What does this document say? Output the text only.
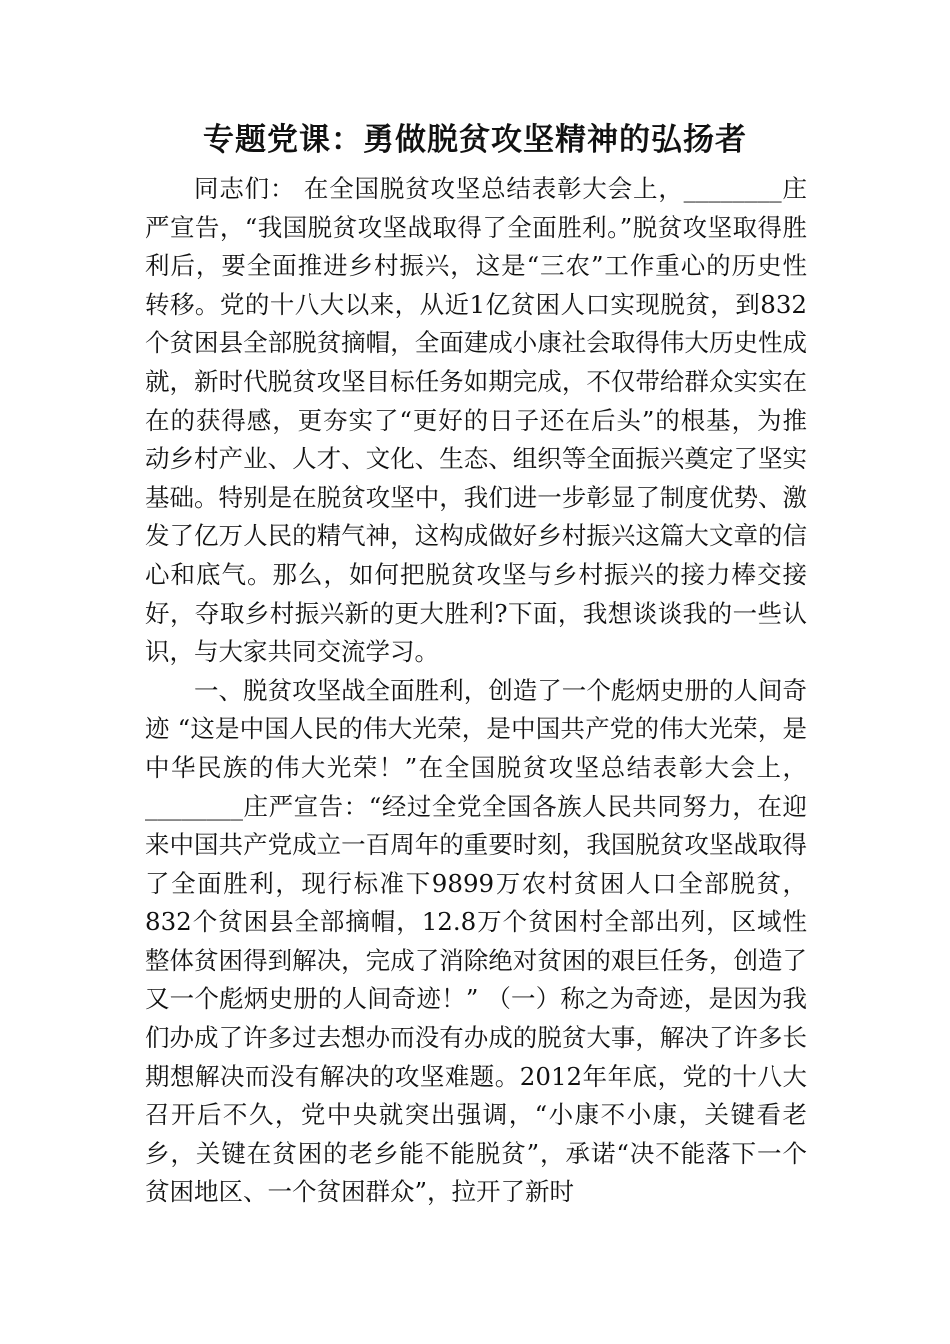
专题党课：勇做脱贫攻坚精神的弘扬者

同志们： 在全国脱贫攻坚总结表彰大会上，________庄严宣告，“我国脱贫攻坚战取得了全面胜利。”脱贫攻坚取得胜利后，要全面推进乡村振兴，这是“三农”工作重心的历史性转移。党的十八大以来，从近1亿贫困人口实现脱贫，到832个贫困县全部脱贫摘帽，全面建成小康社会取得伟大历史性成就，新时代脱贫攻坚目标任务如期完成，不仅带给群众实实在在的获得感，更夯实了“更好的日子还在后头”的根基，为推动乡村产业、人才、文化、生态、组织等全面振兴奠定了坚实基础。特别是在脱贫攻坚中，我们进一步彰显了制度优势、激发了亿万人民的精气神，这构成做好乡村振兴这篇大文章的信心和底气。那么，如何把脱贫攻坚与乡村振兴的接力棒交接好，夺取乡村振兴新的更大胜利?下面，我想谈谈我的一些认识，与大家共同交流学习。

一、脱贫攻坚战全面胜利，创造了一个彪炳史册的人间奇迹 “这是中国人民的伟大光荣，是中国共产党的伟大光荣，是中华民族的伟大光荣！”在全国脱贫攻坚总结表彰大会上，________庄严宣告：“经过全党全国各族人民共同努力，在迎来中国共产党成立一百周年的重要时刻，我国脱贫攻坚战取得了全面胜利，现行标准下9899万农村贫困人口全部脱贫，832个贫困县全部摘帽，12.8万个贫困村全部出列，区域性整体贫困得到解决，完成了消除绝对贫困的艰巨任务，创造了又一个彪炳史册的人间奇迹！” （一）称之为奇迹，是因为我们办成了许多过去想办而没有办成的脱贫大事，解决了许多长期想解决而没有解决的攻坚难题。2012年年底，党的十八大召开后不久，党中央就突出强调，“小康不小康，关键看老乡，关键在贫困的老乡能不能脱贫”，承诺“决不能落下一个贫困地区、一个贫困群众”，拉开了新时
